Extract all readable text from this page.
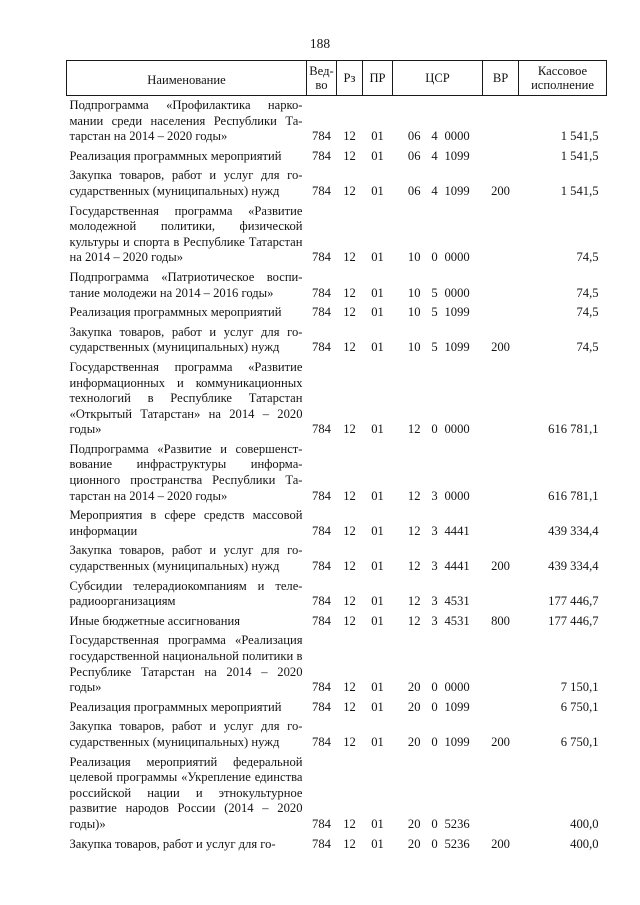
188
Наименование	Вед-во	Рз	ПР	ЦСР			ВР	Кассовое исполнение
Подпрограмма «Профилактика наркомании среди населения Республики Татарстан на 2014 – 2020 годы»	784	12	01	06	4	0000		1 541,5
Реализация программных мероприятий	784	12	01	06	4	1099		1 541,5
Закупка товаров, работ и услуг для государственных (муниципальных) нужд	784	12	01	06	4	1099	200	1 541,5
Государственная программа «Развитие молодежной политики, физической культуры и спорта в Республике Татарстан на 2014 – 2020 годы»	784	12	01	10	0	0000		74,5
Подпрограмма «Патриотическое воспитание молодежи на 2014 – 2016 годы»	784	12	01	10	5	0000		74,5
Реализация программных мероприятий	784	12	01	10	5	1099		74,5
Закупка товаров, работ и услуг для государственных (муниципальных) нужд	784	12	01	10	5	1099	200	74,5
Государственная программа «Развитие информационных и коммуникационных технологий в Республике Татарстан «Открытый Татарстан» на 2014 – 2020 годы»	784	12	01	12	0	0000		616 781,1
Подпрограмма «Развитие и совершенствование инфраструктуры информационного пространства Республики Татарстан на 2014 – 2020 годы»	784	12	01	12	3	0000		616 781,1
Мероприятия в сфере средств массовой информации	784	12	01	12	3	4441		439 334,4
Закупка товаров, работ и услуг для государственных (муниципальных) нужд	784	12	01	12	3	4441	200	439 334,4
Субсидии телерадиокомпаниям и телерадиоорганизациям	784	12	01	12	3	4531		177 446,7
Иные бюджетные ассигнования	784	12	01	12	3	4531	800	177 446,7
Государственная программа «Реализация государственной национальной политики в Республике Татарстан на 2014 – 2020 годы»	784	12	01	20	0	0000		7 150,1
Реализация программных мероприятий	784	12	01	20	0	1099		6 750,1
Закупка товаров, работ и услуг для государственных (муниципальных) нужд	784	12	01	20	0	1099	200	6 750,1
Реализация мероприятий федеральной целевой программы «Укрепление единства российской нации и этнокультурное развитие народов России (2014 – 2020 годы)»	784	12	01	20	0	5236		400,0
Закупка товаров, работ и услуг для го-	784	12	01	20	0	5236	200	400,0
